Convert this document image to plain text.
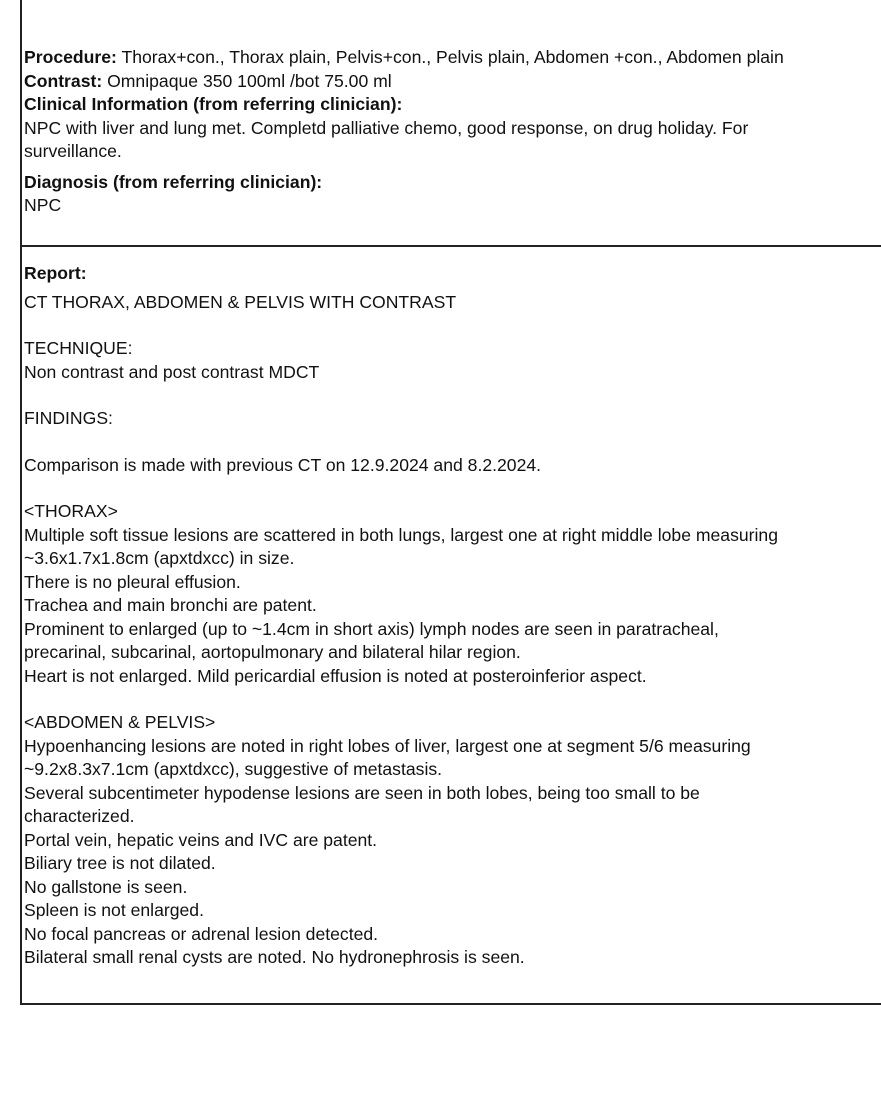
Procedure: Thorax+con., Thorax plain, Pelvis+con., Pelvis plain, Abdomen +con., Abdomen plain

Contrast: Omnipaque 350 100ml /bot 75.00 ml

Clinical Information (from referring clinician):

NPC with liver and lung met. Completd palliative chemo, good response, on drug holiday. For
surveillance.

Diagnosis (from referring clinician):

NPC

Report:

CT THORAX, ABDOMEN & PELVIS WITH CONTRAST

TECHNIQUE:

Non contrast and post contrast MDCT

FINDINGS:

Comparison is made with previous CT on 12.9.2024 and 8.2.2024.

<THORAX>

Multiple soft tissue lesions are scattered in both lungs, largest one at right middle lobe measuring
~3.6x1.7x1.8cm (apxtdxcc) in size.
There is no pleural effusion.
Trachea and main bronchi are patent.
Prominent to enlarged (up to ~1.4cm in short axis) lymph nodes are seen in paratracheal,
precarinal, subcarinal, aortopulmonary and bilateral hilar region.
Heart is not enlarged. Mild pericardial effusion is noted at posteroinferior aspect.

<ABDOMEN & PELVIS>

Hypoenhancing lesions are noted in right lobes of liver, largest one at segment 5/6 measuring
~9.2x8.3x7.1cm (apxtdxcc), suggestive of metastasis.
Several subcentimeter hypodense lesions are seen in both lobes, being too small to be
characterized.
Portal vein, hepatic veins and IVC are patent.
Biliary tree is not dilated.
No gallstone is seen.
Spleen is not enlarged.
No focal pancreas or adrenal lesion detected.
Bilateral small renal cysts are noted. No hydronephrosis is seen.
